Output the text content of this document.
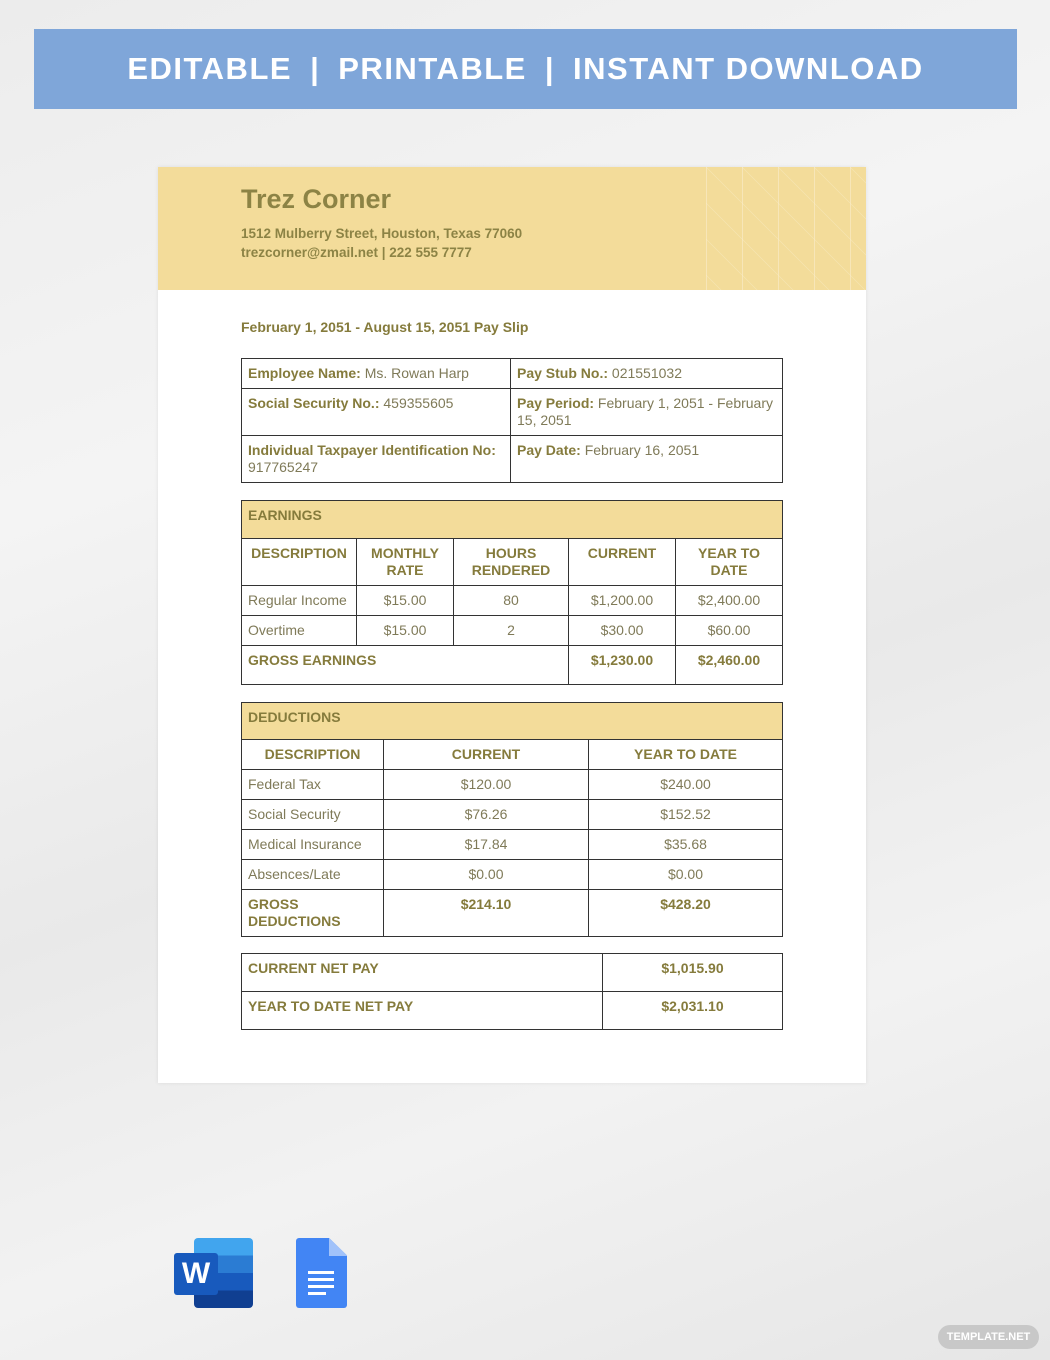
EDITABLE | PRINTABLE | INSTANT DOWNLOAD
Trez Corner
1512 Mulberry Street, Houston, Texas 77060
trezcorner@zmail.net | 222 555 7777
February 1, 2051 - August 15, 2051 Pay Slip
Employee Name: Ms. Rowan Harp	Pay Stub No.: 021551032
Social Security No.: 459355605	Pay Period: February 1, 2051 - February 15, 2051
Individual Taxpayer Identification No:
917765247	Pay Date: February 16, 2051
EARNINGS				
DESCRIPTION	MONTHLY RATE	HOURS RENDERED	CURRENT	YEAR TO DATE
Regular Income	$15.00	80	$1,200.00	$2,400.00
Overtime	$15.00	2	$30.00	$60.00
GROSS EARNINGS			$1,230.00	$2,460.00
DEDUCTIONS		
DESCRIPTION	CURRENT	YEAR TO DATE
Federal Tax	$120.00	$240.00
Social Security	$76.26	$152.52
Medical Insurance	$17.84	$35.68
Absences/Late	$0.00	$0.00
GROSS DEDUCTIONS	$214.10	$428.20
CURRENT NET PAY	$1,015.90
YEAR TO DATE NET PAY	$2,031.10
W
TEMPLATE.NET
